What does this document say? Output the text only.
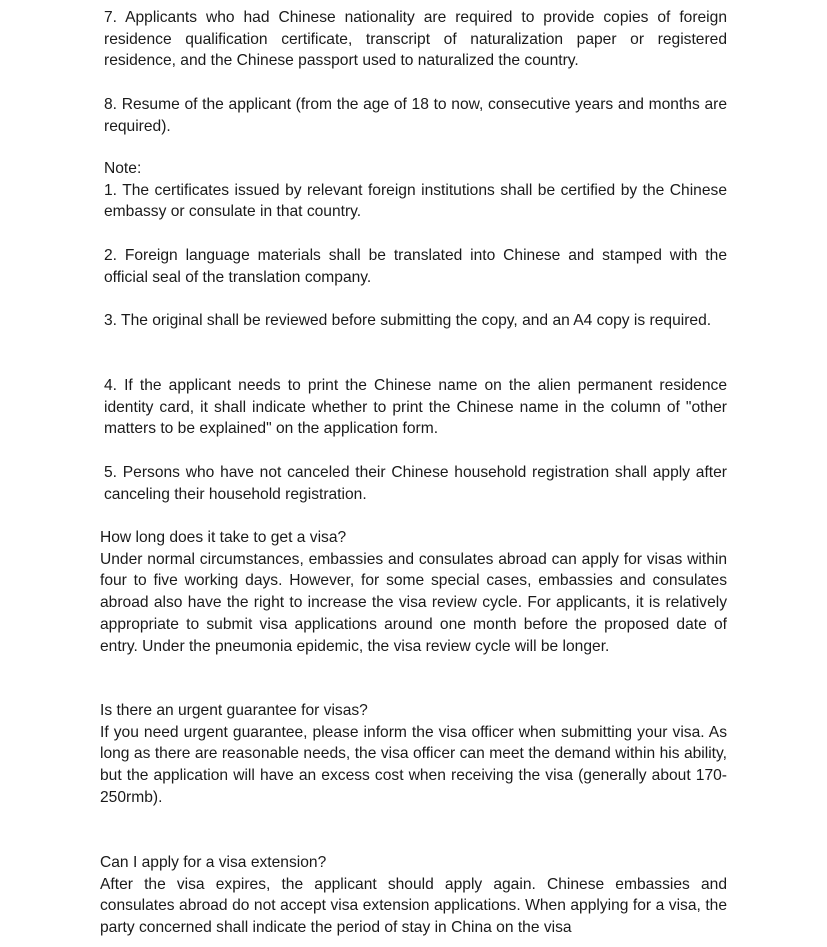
7. Applicants who had Chinese nationality are required to provide copies of foreign residence qualification certificate, transcript of naturalization paper or registered residence, and the Chinese passport used to naturalized the country.

8. Resume of the applicant (from the age of 18 to now, consecutive years and months are required).

Note:

1. The certificates issued by relevant foreign institutions shall be certified by the Chinese embassy or consulate in that country.

2. Foreign language materials shall be translated into Chinese and stamped with the official seal of the translation company.

3. The original shall be reviewed before submitting the copy, and an A4 copy is required.

4. If the applicant needs to print the Chinese name on the alien permanent residence identity card, it shall indicate whether to print the Chinese name in the column of "other matters to be explained" on the application form.

5. Persons who have not canceled their Chinese household registration shall apply after canceling their household registration.

How long does it take to get a visa?

Under normal circumstances, embassies and consulates abroad can apply for visas within four to five working days. However, for some special cases, embassies and consulates abroad also have the right to increase the visa review cycle. For applicants, it is relatively appropriate to submit visa applications around one month before the proposed date of entry. Under the pneumonia epidemic, the visa review cycle will be longer.

Is there an urgent guarantee for visas?

If you need urgent guarantee, please inform the visa officer when submitting your visa. As long as there are reasonable needs, the visa officer can meet the demand within his ability, but the application will have an excess cost when receiving the visa (generally about 170-250rmb).

Can I apply for a visa extension?

After the visa expires, the applicant should apply again. Chinese embassies and consulates abroad do not accept visa extension applications. When applying for a visa, the party concerned shall indicate the period of stay in China on the visa
